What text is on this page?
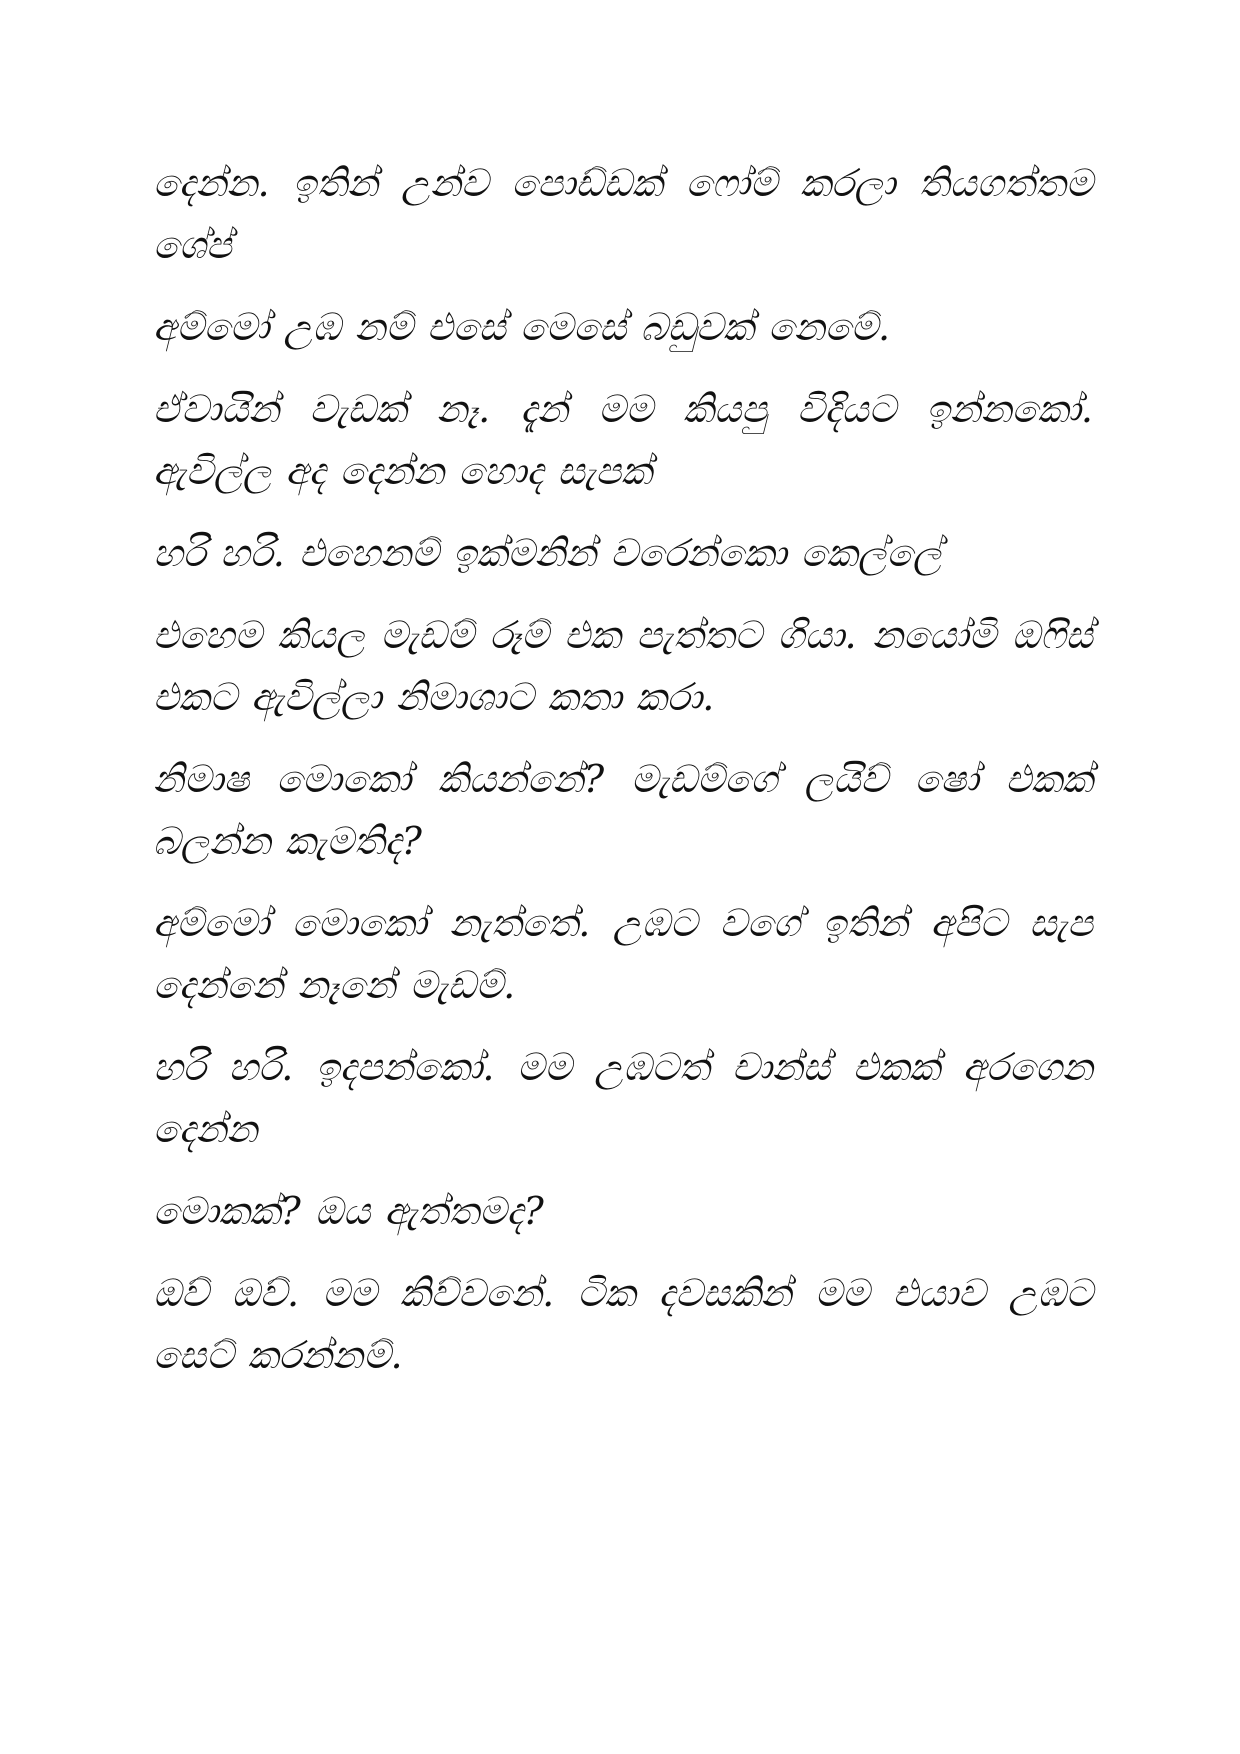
දෙන්න. ඉතින් උන්ව පොඩ්ඩක් ෆෝම් කරලා තියගත්තම ශේප්

අම්මෝ උඹ නම් එසේ මෙසේ බඩුවක් නෙමේ.

ඒවායින් වැඩක් නෑ. දැන් මම කියපු විදියට ඉන්නකෝ. ඇවිල්ල අද දෙන්න හොද සැපක්

හරි හරි. එහෙනම් ඉක්මනින් වරෙන්කො කෙල්ලේ

එහෙම කියල මැඩම් රූම් එක පැත්තට ගියා. නයෝමි ඔෆිස් එකට ඇවිල්ලා නිමාශාට කතා කරා.

නිමාෂ මොකෝ කියන්නේ? මැඩම්ගේ ලයිව් ෂෝ එකක් බලන්න කැමතිද?

අම්මෝ මොකෝ නැත්තේ. උඹට වගේ ඉතින් අපිට සැප දෙන්නේ නෑනේ මැඩම්.

හරි හරි. ඉදපන්කෝ. මම උඹටත් චාන්ස් එකක් අරගෙන දෙන්න

මොකක්? ඔය ඇත්තමද?

ඔව් ඔව්. මම කිව්වනේ. ටික දවසකින් මම එයාව උඹට සෙට් කරන්නම්.
